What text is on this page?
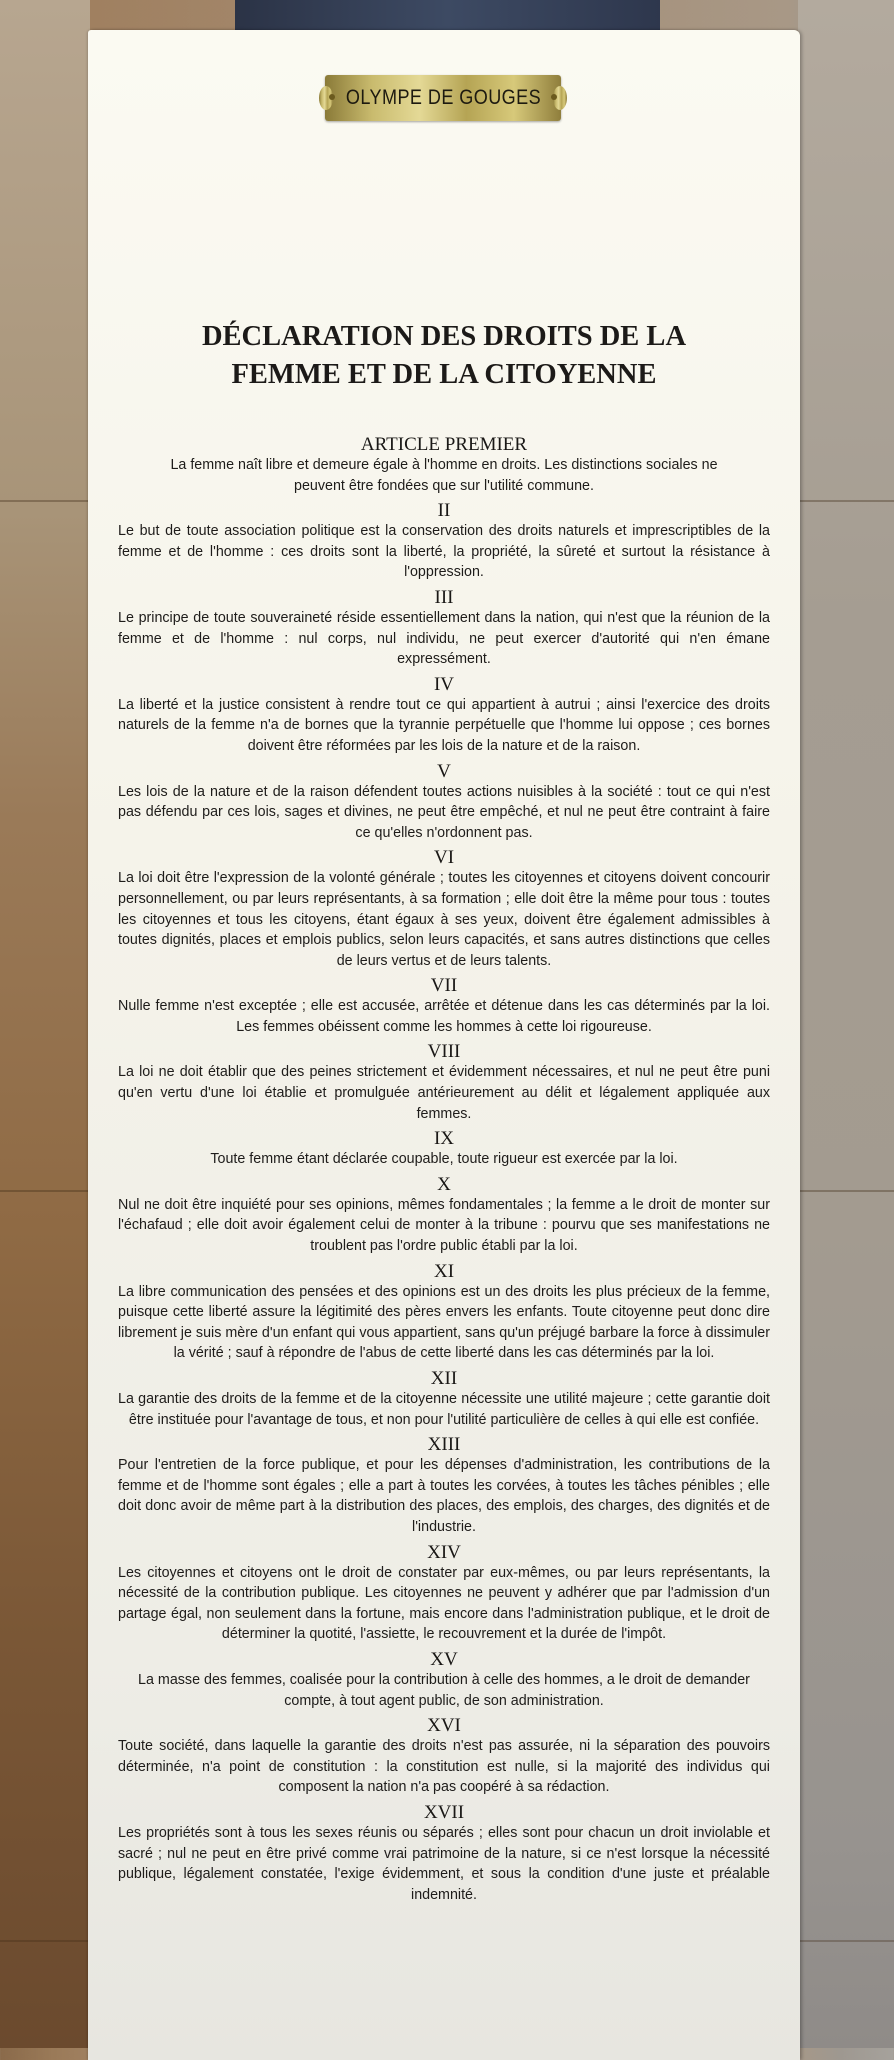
OLYMPE DE GOUGES
DÉCLARATION DES DROITS DE LA
FEMME ET DE LA CITOYENNE
ARTICLE PREMIER
La femme naît libre et demeure égale à l'homme en droits. Les distinctions sociales ne peuvent être fondées que sur l'utilité commune.
II
Le but de toute association politique est la conservation des droits naturels et imprescriptibles de la femme et de l'homme : ces droits sont la liberté, la propriété, la sûreté et surtout la résistance à l'oppression.
III
Le principe de toute souveraineté réside essentiellement dans la nation, qui n'est que la réunion de la femme et de l'homme : nul corps, nul individu, ne peut exercer d'autorité qui n'en émane expressément.
IV
La liberté et la justice consistent à rendre tout ce qui appartient à autrui ; ainsi l'exercice des droits naturels de la femme n'a de bornes que la tyrannie perpétuelle que l'homme lui oppose ; ces bornes doivent être réformées par les lois de la nature et de la raison.
V
Les lois de la nature et de la raison défendent toutes actions nuisibles à la société : tout ce qui n'est pas défendu par ces lois, sages et divines, ne peut être empêché, et nul ne peut être contraint à faire ce qu'elles n'ordonnent pas.
VI
La loi doit être l'expression de la volonté générale ; toutes les citoyennes et citoyens doivent concourir personnellement, ou par leurs représentants, à sa formation ; elle doit être la même pour tous : toutes les citoyennes et tous les citoyens, étant égaux à ses yeux, doivent être également admissibles à toutes dignités, places et emplois publics, selon leurs capacités, et sans autres distinctions que celles de leurs vertus et de leurs talents.
VII
Nulle femme n'est exceptée ; elle est accusée, arrêtée et détenue dans les cas déterminés par la loi. Les femmes obéissent comme les hommes à cette loi rigoureuse.
VIII
La loi ne doit établir que des peines strictement et évidemment nécessaires, et nul ne peut être puni qu'en vertu d'une loi établie et promulguée antérieurement au délit et légalement appliquée aux femmes.
IX
Toute femme étant déclarée coupable, toute rigueur est exercée par la loi.
X
Nul ne doit être inquiété pour ses opinions, mêmes fondamentales ; la femme a le droit de monter sur l'échafaud ; elle doit avoir également celui de monter à la tribune : pourvu que ses manifestations ne troublent pas l'ordre public établi par la loi.
XI
La libre communication des pensées et des opinions est un des droits les plus précieux de la femme, puisque cette liberté assure la légitimité des pères envers les enfants. Toute citoyenne peut donc dire librement je suis mère d'un enfant qui vous appartient, sans qu'un préjugé barbare la force à dissimuler la vérité ; sauf à répondre de l'abus de cette liberté dans les cas déterminés par la loi.
XII
La garantie des droits de la femme et de la citoyenne nécessite une utilité majeure ; cette garantie doit être instituée pour l'avantage de tous, et non pour l'utilité particulière de celles à qui elle est confiée.
XIII
Pour l'entretien de la force publique, et pour les dépenses d'administration, les contributions de la femme et de l'homme sont égales ; elle a part à toutes les corvées, à toutes les tâches pénibles ; elle doit donc avoir de même part à la distribution des places, des emplois, des charges, des dignités et de l'industrie.
XIV
Les citoyennes et citoyens ont le droit de constater par eux-mêmes, ou par leurs représentants, la nécessité de la contribution publique. Les citoyennes ne peuvent y adhérer que par l'admission d'un partage égal, non seulement dans la fortune, mais encore dans l'administration publique, et le droit de déterminer la quotité, l'assiette, le recouvrement et la durée de l'impôt.
XV
La masse des femmes, coalisée pour la contribution à celle des hommes, a le droit de demander compte, à tout agent public, de son administration.
XVI
Toute société, dans laquelle la garantie des droits n'est pas assurée, ni la séparation des pouvoirs déterminée, n'a point de constitution : la constitution est nulle, si la majorité des individus qui composent la nation n'a pas coopéré à sa rédaction.
XVII
Les propriétés sont à tous les sexes réunis ou séparés ; elles sont pour chacun un droit inviolable et sacré ; nul ne peut en être privé comme vrai patrimoine de la nature, si ce n'est lorsque la nécessité publique, légalement constatée, l'exige évidemment, et sous la condition d'une juste et préalable indemnité.
